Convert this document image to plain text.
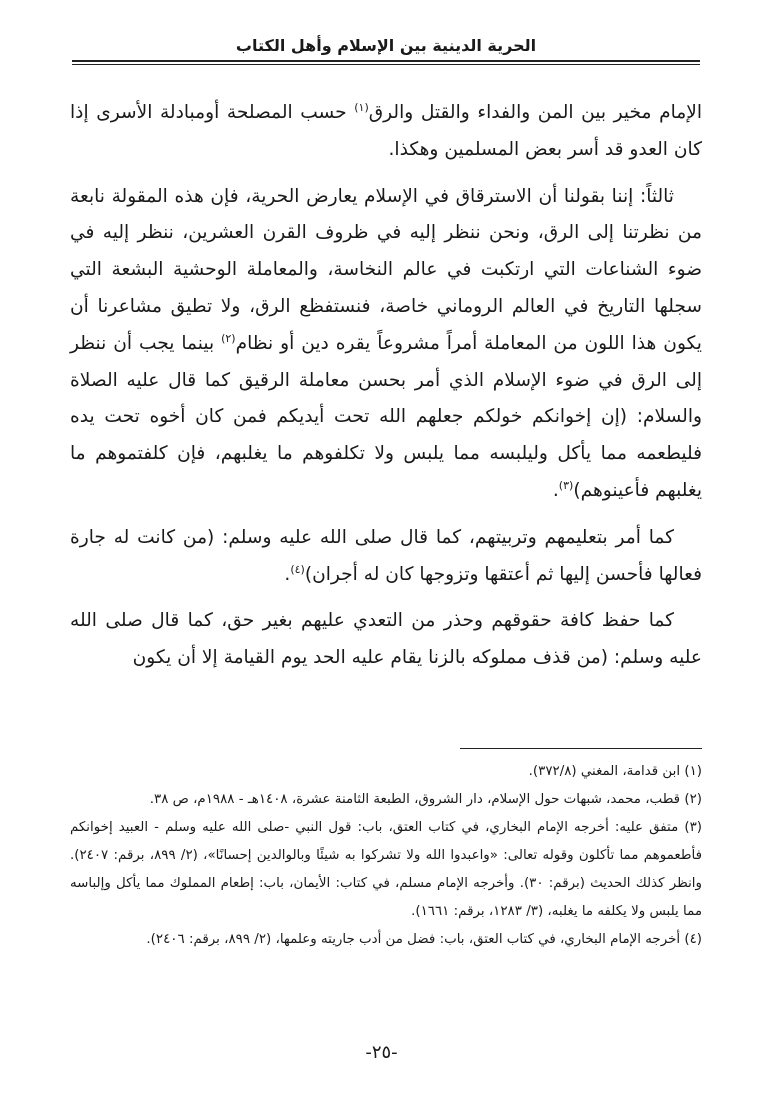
الحرية الدينية بين الإسلام وأهل الكتاب

الإمام مخير بين المن والفداء والقتل والرق$^{(١)}$ حسب المصلحة أومبادلة الأسرى إذا كان العدو قد أسر بعض المسلمين وهكذا.

ثالثاً: إننا بقولنا أن الاسترقاق في الإسلام يعارض الحرية، فإن هذه المقولة نابعة من نظرتنا إلى الرق، ونحن ننظر إليه في ظروف القرن العشرين، ننظر إليه في ضوء الشناعات التي ارتكبت في عالم النخاسة، والمعاملة الوحشية البشعة التي سجلها التاريخ في العالم الروماني خاصة، فنستفظع الرق، ولا تطيق مشاعرنا أن يكون هذا اللون من المعاملة أمراً مشروعاً يقره دين أو نظام$^{(٢)}$ بينما يجب أن ننظر إلى الرق في ضوء الإسلام الذي أمر بحسن معاملة الرقيق كما قال عليه الصلاة والسلام: (إن إخوانكم خولكم جعلهم الله تحت أيديكم فمن كان أخوه تحت يده فليطعمه مما يأكل وليلبسه مما يلبس ولا تكلفوهم ما يغلبهم، فإن كلفتموهم ما يغلبهم فأعينوهم)$^{(٣)}$.

كما أمر بتعليمهم وتربيتهم، كما قال صلى الله عليه وسلم: (من كانت له جارة فعالها فأحسن إليها ثم أعتقها وتزوجها كان له أجران)$^{(٤)}$.

كما حفظ كافة حقوقهم وحذر من التعدي عليهم بغير حق، كما قال صلى الله عليه وسلم: (من قذف مملوكه بالزنا يقام عليه الحد يوم القيامة إلا أن يكون

(١) ابن قدامة، المغني (٣٧٢/٨).

(٢) قطب، محمد، شبهات حول الإسلام، دار الشروق، الطبعة الثامنة عشرة، ١٤٠٨هـ - ١٩٨٨م، ص ٣٨.

(٣) متفق عليه: أخرجه الإمام البخاري، في كتاب العتق، باب: قول النبي -صلى الله عليه وسلم - العبيد إخوانكم فأطعموهم مما تأكلون وقوله تعالى: «واعبدوا الله ولا تشركوا به شيئًا وبالوالدين إحسانًا»، (٢/ ٨٩٩، برقم: ٢٤٠٧). وانظر كذلك الحديث (برقم: ٣٠). وأخرجه الإمام مسلم، في كتاب: الأيمان، باب: إطعام المملوك مما يأكل وإلباسه مما يلبس ولا يكلفه ما يغلبه، (٣/ ١٢٨٣، برقم: ١٦٦١).

(٤) أخرجه الإمام البخاري، في كتاب العتق، باب: فضل من أدب جاريته وعلمها، (٢/ ٨٩٩، برقم: ٢٤٠٦).

-٢٥-
